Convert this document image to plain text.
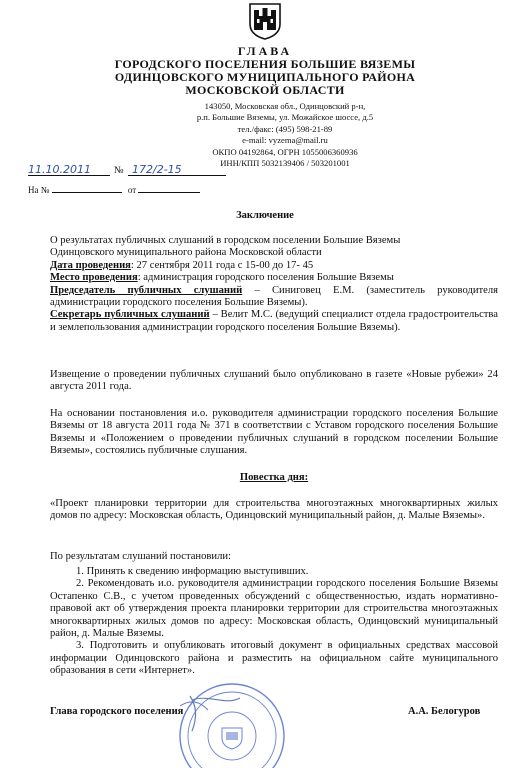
ГЛАВА
ГОРОДСКОГО ПОСЕЛЕНИЯ БОЛЬШИЕ ВЯЗЕМЫ
ОДИНЦОВСКОГО МУНИЦИПАЛЬНОГО РАЙОНА
МОСКОВСКОЙ ОБЛАСТИ
143050, Московская обл., Одинцовский р-н,
р.п. Большие Вяземы, ул. Можайское шоссе, д.5
тел./факс: (495) 598-21-89
e-mail: vyzema@mail.ru
ОКПО 04192864, ОГРН 1055006360936
ИНН/КПП 5032139406 / 503201001
11.10.2011 № 172/2-15
На №	от
Заключение

О результатах публичных слушаний в городском поселении Большие Вяземы

Одинцовского муниципального района Московской области

Дата проведения: 27 сентября 2011 года с 15-00 до 17- 45

Место проведения: администрация городского поселения Большие Вяземы

Председатель публичных слушаний – Синиговец Е.М. (заместитель руководителя администрации городского поселения Большие Вяземы).

Секретарь публичных слушаний – Велит М.С. (ведущий специалист отдела градостроительства и землепользования администрации городского поселения Большие Вяземы).

Извещение о проведении публичных слушаний было опубликовано в газете «Новые рубежи» 24 августа 2011 года.
На основании постановления и.о. руководителя администрации городского поселения Большие Вяземы от 18 августа 2011 года № 371 в соответствии с Уставом городского поселения Большие Вяземы и «Положением о проведении публичных слушаний в городском поселении Большие Вяземы», состоялись публичные слушания.
Повестка дня:
«Проект планировки территории для строительства многоэтажных многоквартирных жилых домов по адресу: Московская область, Одинцовский муниципальный район, д. Малые Вяземы».
По результатам слушаний постановили:

1. Принять к сведению информацию выступивших.

2. Рекомендовать и.о. руководителя администрации городского поселения Большие Вяземы Остапенко С.В., с учетом проведенных обсуждений с общественностью, издать нормативно-правовой акт об утверждения проекта планировки территории для строительства многоэтажных многоквартирных жилых домов по адресу: Московская область, Одинцовский муниципальный район, д. Малые Вяземы.

3. Подготовить и опубликовать итоговый документ в официальных средствах массовой информации Одинцовского района и разместить на официальном сайте муниципального образования в сети «Интернет».

Глава городского поселения	А.А. Белогуров
